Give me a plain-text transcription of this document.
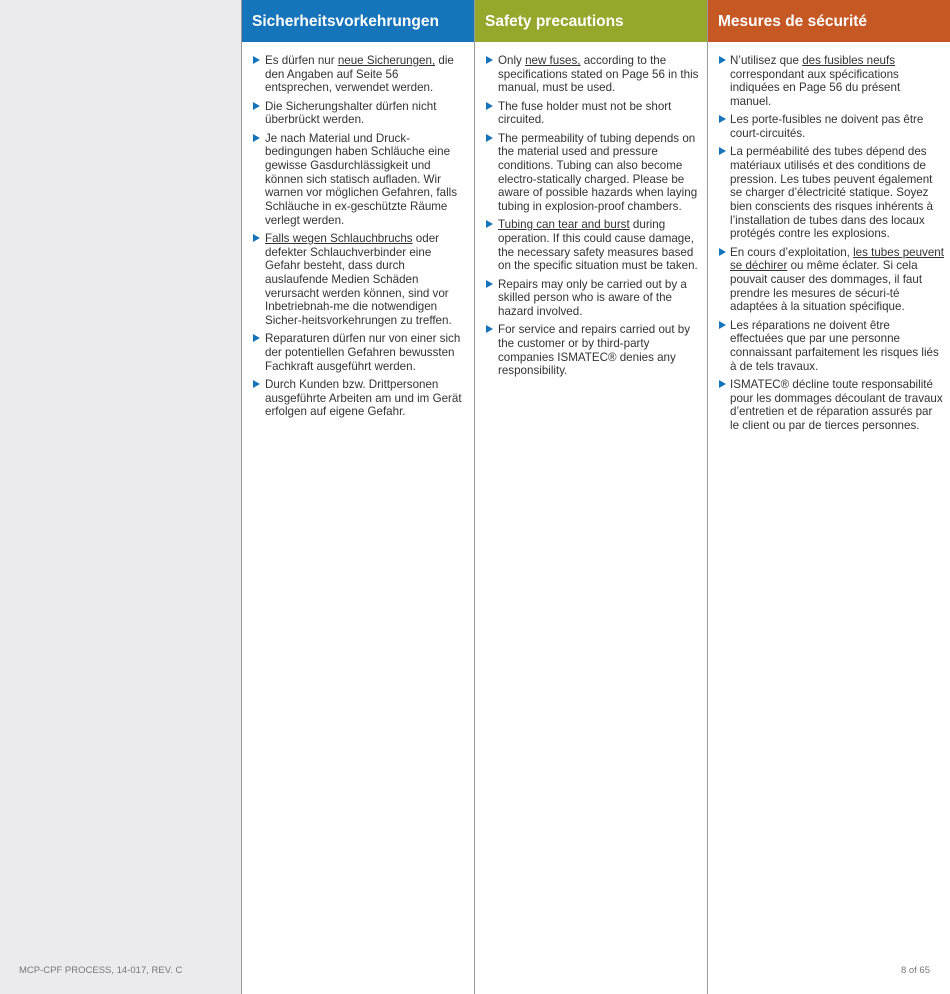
Sicherheitsvorkehrungen
Es dürfen nur neue Sicherungen, die den Angaben auf Seite 56 entsprechen, verwendet werden.
Die Sicherungshalter dürfen nicht überbrückt werden.
Je nach Material und Druck-bedingungen haben Schläuche eine gewisse Gasdurchlässigkeit und können sich statisch aufladen. Wir warnen vor möglichen Gefahren, falls Schläuche in ex-geschützte Räume verlegt werden.
Falls wegen Schlauchbruchs oder defekter Schlauchverbinder eine Gefahr besteht, dass durch auslaufende Medien Schäden verursacht werden können, sind vor Inbetriebnah-me die notwendigen Sicher-heitsvorkehrungen zu treffen.
Reparaturen dürfen nur von einer sich der potentiellen Gefahren bewussten Fachkraft ausgeführt werden.
Durch Kunden bzw. Drittpersonen ausgeführte Arbeiten am und im Gerät erfolgen auf eigene Gefahr.
Safety precautions
Only new fuses, according to the specifications stated on Page 56 in this manual, must be used.
The fuse holder must not be short circuited.
The permeability of tubing depends on the material used and pressure conditions. Tubing can also become electro-statically charged. Please be aware of possible hazards when laying tubing in explosion-proof chambers.
Tubing can tear and burst during operation. If this could cause damage, the necessary safety measures based on the specific situation must be taken.
Repairs may only be carried out by a skilled person who is aware of the hazard involved.
For service and repairs carried out by the customer or by third-party companies ISMATEC® denies any responsibility.
Mesures de sécurité
N’utilisez que des fusibles neufs correspondant aux spécifications indiquées en Page 56 du présent manuel.
Les porte-fusibles ne doivent pas être court-circuités.
La perméabilité des tubes dépend des matériaux utilisés et des conditions de pression. Les tubes peuvent également se charger d’électricité statique. Soyez bien conscients des risques inhérents à l’installation de tubes dans des locaux protégés contre les explosions.
En cours d’exploitation, les tubes peuvent se déchirer ou même éclater. Si cela pouvait causer des dommages, il faut prendre les mesures de sécuri-té adaptées à la situation spécifique.
Les réparations ne doivent être effectuées que par une personne connaissant parfaitement les risques liés à de tels travaux.
ISMATEC® décline toute responsabilité pour les dommages découlant de travaux d’entretien et de réparation assurés par le client ou par de tierces personnes.
MCP-CPF PROCESS, 14-017, REV. C	8 of 65
